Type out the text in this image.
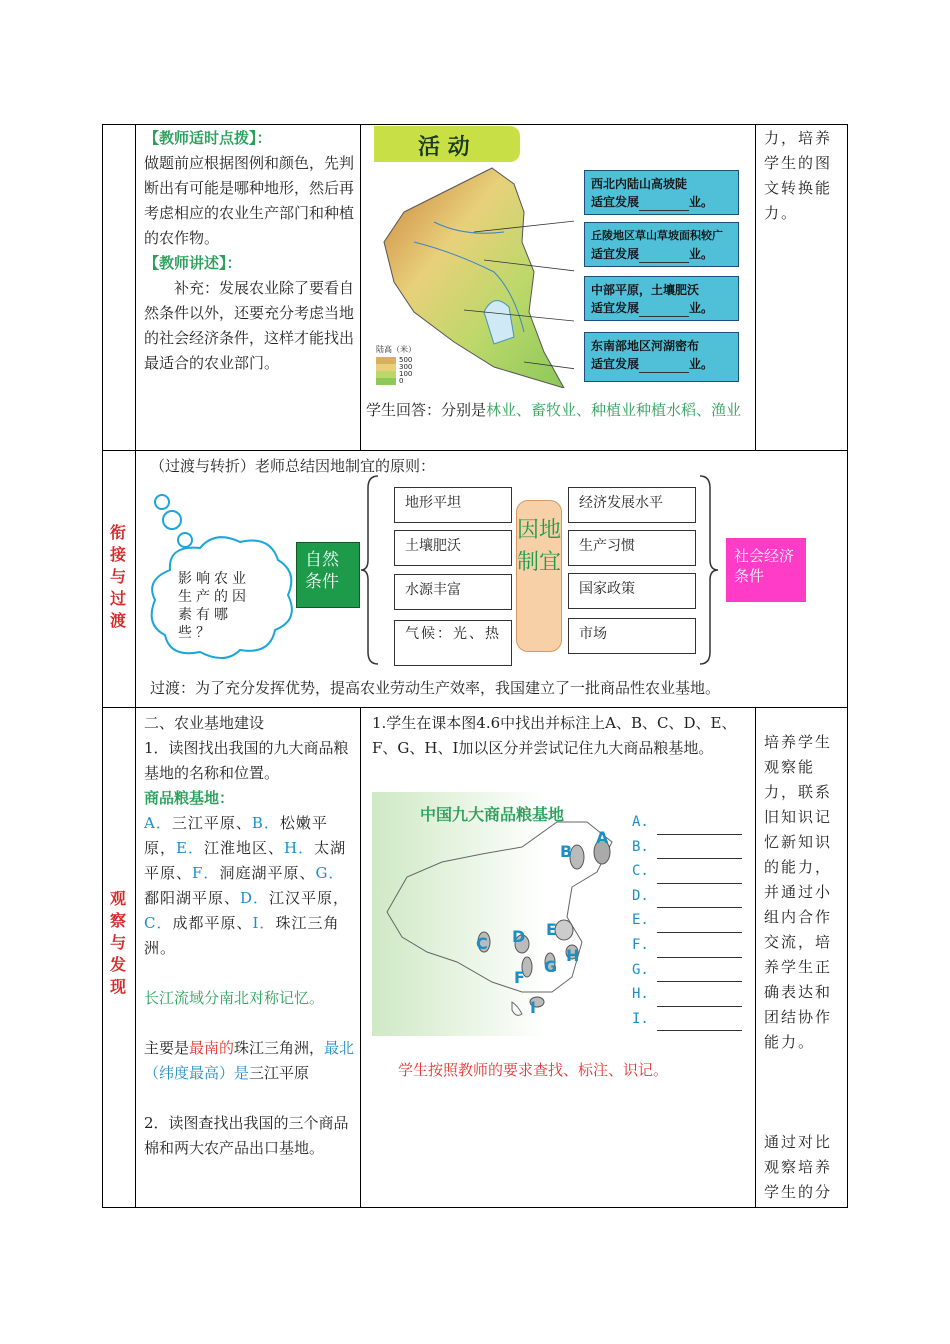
【教师适时点拨】：
做题前应根据图例和颜色，先判断出有可能是哪种地形，然后再考虑相应的农业生产部门和种植的农作物。
【教师讲述】：
补充：发展农业除了要看自然条件以外，还要充分考虑当地的社会经济条件，这样才能找出最适合的农业部门。
活 动
陆高（米）
500
300
100
0
西北内陆山高坡陡
适宜发展	业。
丘陵地区草山草坡面积较广
适宜发展	业。
中部平原，土壤肥沃
适宜发展	业。
东南部地区河湖密布
适宜发展	业。
学生回答：分别是林业、畜牧业、种植业种植水稻、渔业
力，培养学生的图文转换能力。
衔接与过渡
（过渡与转折）老师总结因地制宜的原则：
影响农业生产的因素有哪些？
自然条件
地形平坦
土壤肥沃
水源丰富
气候：光、热
因地制宜
经济发展水平
生产习惯
国家政策
市场
社会经济条件
过渡：为了充分发挥优势，提高农业劳动生产效率，我国建立了一批商品性农业基地。
观察与发现
二、农业基地建设
1．读图找出我国的九大商品粮基地的名称和位置。
商品粮基地：
A．三江平原、B．松嫩平原，E．江淮地区、H．太湖平原、F．洞庭湖平原、G．鄱阳湖平原、D．江汉平原，C．成都平原、I．珠江三角洲。
长江流域分南北对称记忆。
主要是最南的珠江三角洲，最北（纬度最高）是三江平原
2．读图查找出我国的三个商品棉和两大农产品出口基地。
1.学生在课本图4.6中找出并标注上A、B、C、D、E、F、G、H、I加以区分并尝试记住九大商品粮基地。
中国九大商品粮基地
A
B
C D E
F
G
H
I
A.
B.
C.
D.
E.
F.
G.
H.
I.
学生按照教师的要求查找、标注、识记。
培养学生观察能力，联系旧知识记忆新知识的能力，并通过小组内合作交流，培养学生正确表达和团结协作能力。
通过对比观察培养学生的分
